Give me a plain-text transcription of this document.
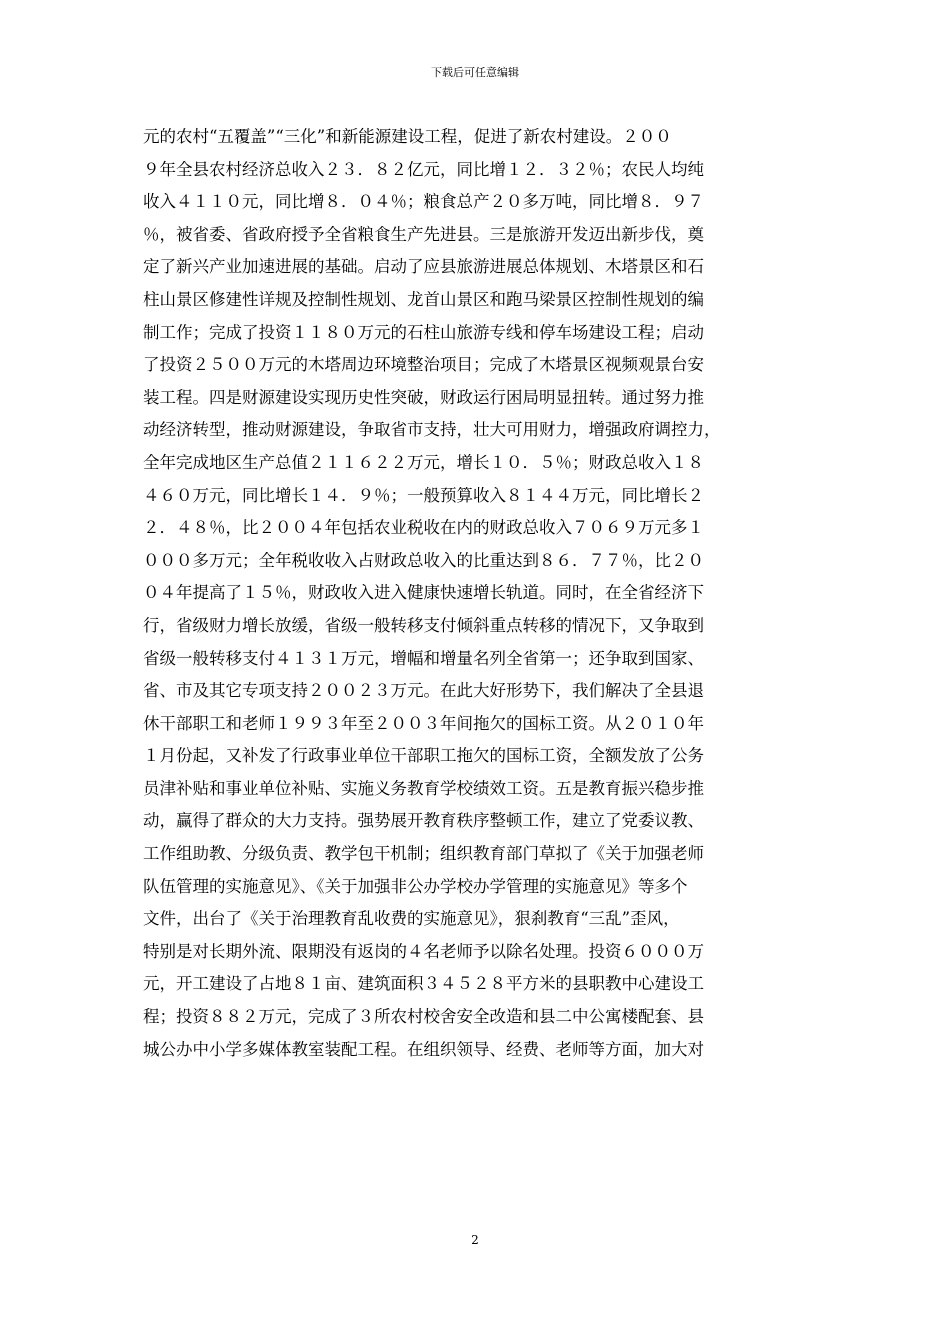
下载后可任意编辑
元的农村“五覆盖”“三化”和新能源建设工程，促进了新农村建设。２００
９年全县农村经济总收入２３．８２亿元，同比增１２．３２％；农民人均纯
收入４１１０元，同比增８．０４％；粮食总产２０多万吨，同比增８．９７
％，被省委、省政府授予全省粮食生产先进县。三是旅游开发迈出新步伐，奠
定了新兴产业加速进展的基础。启动了应县旅游进展总体规划、木塔景区和石
柱山景区修建性详规及控制性规划、龙首山景区和跑马梁景区控制性规划的编
制工作；完成了投资１１８０万元的石柱山旅游专线和停车场建设工程；启动
了投资２５００万元的木塔周边环境整治项目；完成了木塔景区视频观景台安
装工程。四是财源建设实现历史性突破，财政运行困局明显扭转。通过努力推
动经济转型，推动财源建设，争取省市支持，壮大可用财力，增强政府调控力，
全年完成地区生产总值２１１６２２万元，增长１０．５％；财政总收入１８
４６０万元，同比增长１４．９％；一般预算收入８１４４万元，同比增长２
２．４８％，比２００４年包括农业税收在内的财政总收入７０６９万元多１
０００多万元；全年税收收入占财政总收入的比重达到８６．７７％，比２０
０４年提高了１５％，财政收入进入健康快速增长轨道。同时，在全省经济下
行，省级财力增长放缓，省级一般转移支付倾斜重点转移的情况下，又争取到
省级一般转移支付４１３１万元，增幅和增量名列全省第一；还争取到国家、
省、市及其它专项支持２００２３万元。在此大好形势下，我们解决了全县退
休干部职工和老师１９９３年至２００３年间拖欠的国标工资。从２０１０年
１月份起，又补发了行政事业单位干部职工拖欠的国标工资，全额发放了公务
员津补贴和事业单位补贴、实施义务教育学校绩效工资。五是教育振兴稳步推
动，赢得了群众的大力支持。强势展开教育秩序整顿工作，建立了党委议教、
工作组助教、分级负责、教学包干机制；组织教育部门草拟了《关于加强老师
队伍管理的实施意见》、《关于加强非公办学校办学管理的实施意见》等多个
文件，出台了《关于治理教育乱收费的实施意见》，狠刹教育“三乱”歪风，
特别是对长期外流、限期没有返岗的４名老师予以除名处理。投资６０００万
元，开工建设了占地８１亩、建筑面积３４５２８平方米的县职教中心建设工
程；投资８８２万元，完成了３所农村校舍安全改造和县二中公寓楼配套、县
城公办中小学多媒体教室装配工程。在组织领导、经费、老师等方面，加大对
2
